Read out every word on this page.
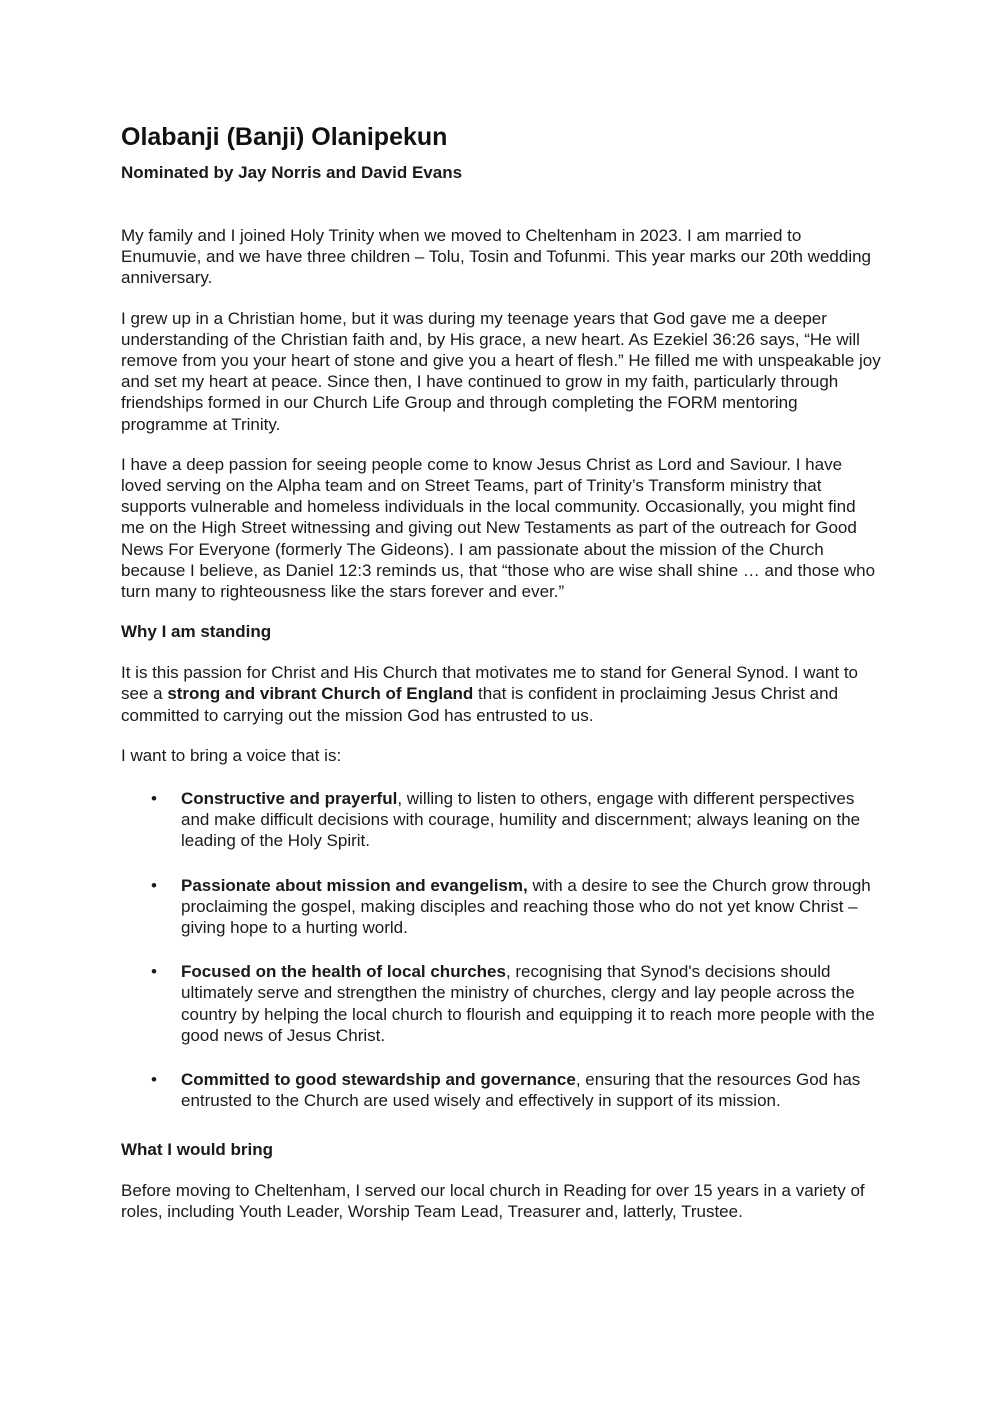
Olabanji (Banji) Olanipekun
Nominated by Jay Norris and David Evans

My family and I joined Holy Trinity when we moved to Cheltenham in 2023. I am married to Enumuvie, and we have three children – Tolu, Tosin and Tofunmi. This year marks our 20th wedding anniversary.

I grew up in a Christian home, but it was during my teenage years that God gave me a deeper understanding of the Christian faith and, by His grace, a new heart. As Ezekiel 36:26 says, “He will remove from you your heart of stone and give you a heart of flesh.” He filled me with unspeakable joy and set my heart at peace. Since then, I have continued to grow in my faith, particularly through friendships formed in our Church Life Group and through completing the FORM mentoring programme at Trinity.

I have a deep passion for seeing people come to know Jesus Christ as Lord and Saviour. I have loved serving on the Alpha team and on Street Teams, part of Trinity’s Transform ministry that supports vulnerable and homeless individuals in the local community. Occasionally, you might find me on the High Street witnessing and giving out New Testaments as part of the outreach for Good News For Everyone (formerly The Gideons). I am passionate about the mission of the Church because I believe, as Daniel 12:3 reminds us, that “those who are wise shall shine … and those who turn many to righteousness like the stars forever and ever.”

Why I am standing

It is this passion for Christ and His Church that motivates me to stand for General Synod. I want to see a strong and vibrant Church of England that is confident in proclaiming Jesus Christ and committed to carrying out the mission God has entrusted to us.

I want to bring a voice that is:

• Constructive and prayerful, willing to listen to others, engage with different perspectives and make difficult decisions with courage, humility and discernment; always leaning on the leading of the Holy Spirit.
• Passionate about mission and evangelism, with a desire to see the Church grow through proclaiming the gospel, making disciples and reaching those who do not yet know Christ – giving hope to a hurting world.
• Focused on the health of local churches, recognising that Synod's decisions should ultimately serve and strengthen the ministry of churches, clergy and lay people across the country by helping the local church to flourish and equipping it to reach more people with the good news of Jesus Christ.
• Committed to good stewardship and governance, ensuring that the resources God has entrusted to the Church are used wisely and effectively in support of its mission.
What I would bring

Before moving to Cheltenham, I served our local church in Reading for over 15 years in a variety of roles, including Youth Leader, Worship Team Lead, Treasurer and, latterly, Trustee.
